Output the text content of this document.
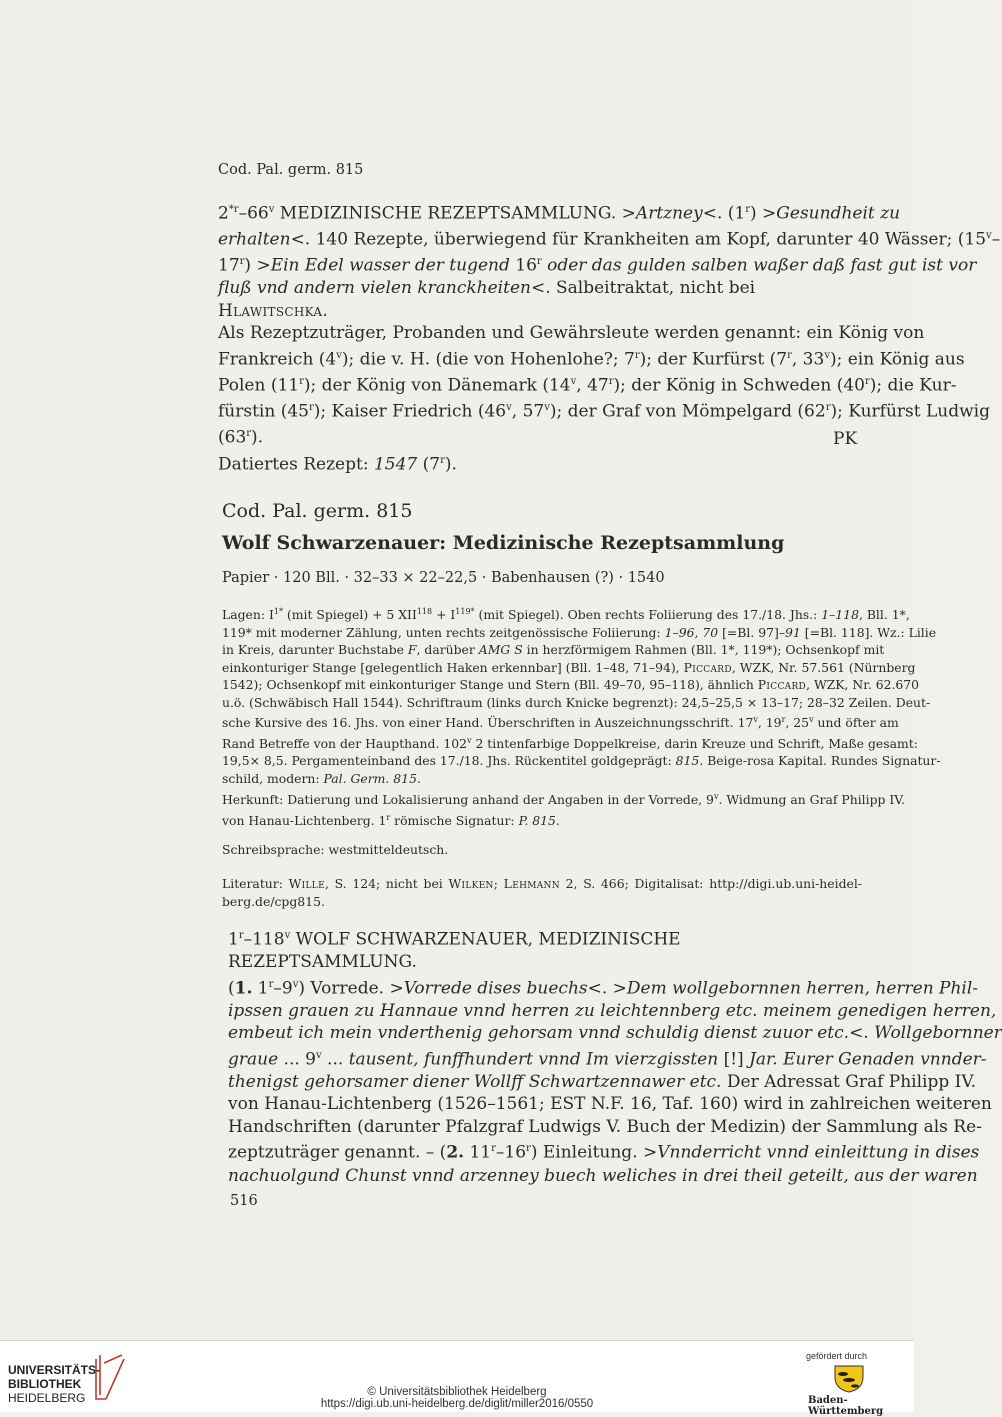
Cod. Pal. germ. 815
2$^{*r}$–66$^v$ MEDIZINISCHE REZEPTSAMMLUNG. >Artzney<. $(1^r)$ >Gesundheit zu
erhalten<. 140 Rezepte, überwiegend für Krankheiten am Kopf, darunter 40 Wässer; (15$^v$–
$17^r) >Ein$ Edel wasser der tugend 16$^r$ oder das gulden salben waßer daß fast gut ist vor
fluß vnd andern vielen kranckheiten<. Salbeitraktat, nicht bei Hlawitschka.
Als Rezeptzuträger, Probanden und Gewährsleute werden genannt: ein König von
Frankreich (4$^v$); die v. H. (die von Hohenlohe?; 7$^r$); der Kurfürst (7$^r$, 33$^v$); ein König aus
Polen (11$^r$); der König von Dänemark (14$^v$, 47$^r$); der König in Schweden (40$^r$); die Kur-
fürstin (45$^r$); Kaiser Friedrich (46$^v$, 57$^v$); der Graf von Mömpelgard (62$^r$); Kurfürst Ludwig
(63$^r$).
Datiertes Rezept: 1547 (7$^r$).
PK
Cod. Pal. germ. 815
Wolf Schwarzenauer: Medizinische Rezeptsammlung
Papier · 120 Bll. · 32–33 × 22–22,5 · Babenhausen (?) · 1540
Lagen: $I^{1*}$ (mit Spiegel) + 5 $XII^{118} + I^{119*}$ (mit Spiegel). Oben rechts Foliierung des 17./18. Jhs.: 1–118, Bll. 1*,
119* mit moderner Zählung, unten rechts zeitgenössische Foliierung: 1–96, 70 [=Bl. 97]–91 [=Bl. 118]. Wz.: Lilie
in Kreis, darunter Buchstabe F, darüber AMG S in herzförmigem Rahmen (Bll. 1*, 119*); Ochsenkopf mit
einkonturiger Stange [gelegentlich Haken erkennbar] (Bll. 1–48, 71–94), Piccard, WZK, Nr. 57.561 (Nürnberg
1542); Ochsenkopf mit einkonturiger Stange und Stern (Bll. 49–70, 95–118), ähnlich Piccard, WZK, Nr. 62.670
u.ö. (Schwäbisch Hall 1544). Schriftraum (links durch Knicke begrenzt): 24,5–25,5 × 13–17; 28–32 Zeilen. Deut-
sche Kursive des 16. Jhs. von einer Hand. Überschriften in Auszeichnungsschrift. 17$^v$, 19$^r$, 25$^v$ und öfter am
Rand Betreffe von der Haupthand. 102$^v$ 2 tintenfarbige Doppelkreise, darin Kreuze und Schrift, Maße gesamt:
19,5× 8,5. Pergamenteinband des 17./18. Jhs. Rückentitel goldgeprägt: 815. Beige-rosa Kapital. Rundes Signatur-
schild, modern: Pal. Germ. 815.
Herkunft: Datierung und Lokalisierung anhand der Angaben in der Vorrede, 9$^v$. Widmung an Graf Philipp IV.
von Hanau-Lichtenberg. 1$^r$ römische Signatur: P. 815.
Schreibsprache: westmitteldeutsch.
Literatur: Wille, S. 124; nicht bei Wilken; Lehmann 2, S. 466; Digitalisat: http://digi.ub.uni-heidel-
berg.de/cpg815.
1$^r$–118$^v$ WOLF SCHWARZENAUER, MEDIZINISCHE REZEPTSAMMLUNG.
(1. 1$^r$–9$^v$) Vorrede. >Vorrede dises buechs<. >Dem wollgebornnen herren, herren Phil-
ipssen grauen zu Hannaue vnnd herren zu leichtennberg etc. meinem genedigen herren,
embeut ich mein vnderthenig gehorsam vnnd schuldig dienst zuuor etc.<. Wollgebornner
graue ... 9$^v$ ... tausent, funffhundert vnnd Im vierzgissten [!] Jar. Eurer Genaden vnnder-
thenigst gehorsamer diener Wollff Schwartzennawer etc. Der Adressat Graf Philipp IV.
von Hanau-Lichtenberg (1526–1561; EST N.F. 16, Taf. 160) wird in zahlreichen weiteren
Handschriften (darunter Pfalzgraf Ludwigs V. Buch der Medizin) der Sammlung als Re-
zeptzuträger genannt. – (2. 11$^r$–16$^r$) Einleitung. >Vnnderricht vnnd einleittung in dises
nachuolgund Chunst vnnd arzenney buech weliches in drei theil geteilt, aus der waren
516
UNIVERSITÄTS-
BIBLIOTHEK
HEIDELBERG	© Universitätsbibliothek Heidelberg
https://digi.ub.uni-heidelberg.de/diglit/miller2016/0550
gefördert durch
Baden-Württemberg
